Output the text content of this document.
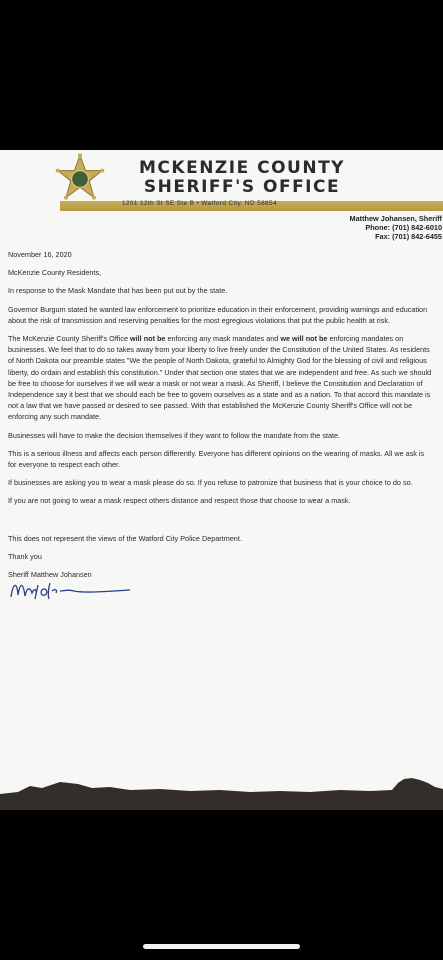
MCKENZIE COUNTY
SHERIFF'S OFFICE
1201 12th St SE Ste B • Watford City, ND 58854
Matthew Johansen, Sheriff
Phone: (701) 842-6010
Fax: (701) 842-6455

November 16, 2020

McKenzie County Residents,

In response to the Mask Mandate that has been put out by the state.

Governor Burgum stated he wanted law enforcement to prioritize education in their enforcement, providing warnings and education about the risk of transmission and reserving penalties for the most egregious violations that put the public health at risk.

The McKenzie County Sheriff's Office will not be enforcing any mask mandates and we will not be enforcing mandates on businesses. We feel that to do so takes away from your liberty to live freely under the Constitution of the United States. As residents of North Dakota our preamble states "We the people of North Dakota, grateful to Almighty God for the blessing of civil and religious liberty, do ordain and establish this constitution." Under that section one states that we are independent and free. As such we should be free to choose for ourselves if we will wear a mask or not wear a mask. As Sheriff, I believe the Constitution and Declaration of Independence say it best that we should each be free to govern ourselves as a state and as a nation. To that accord this mandate is not a law that we have passed or desired to see passed. With that established the McKenzie County Sheriff's Office will not be enforcing any such mandate.

Businesses will have to make the decision themselves if they want to follow the mandate from the state.

This is a serious illness and affects each person differently. Everyone has different opinions on the wearing of masks. All we ask is for everyone to respect each other.

If businesses are asking you to wear a mask please do so. If you refuse to patronize that business that is your choice to do so.

If you are not going to wear a mask respect others distance and respect those that choose to wear a mask.

This does not represent the views of the Watford City Police Department.

Thank you

Sheriff Matthew Johansen
